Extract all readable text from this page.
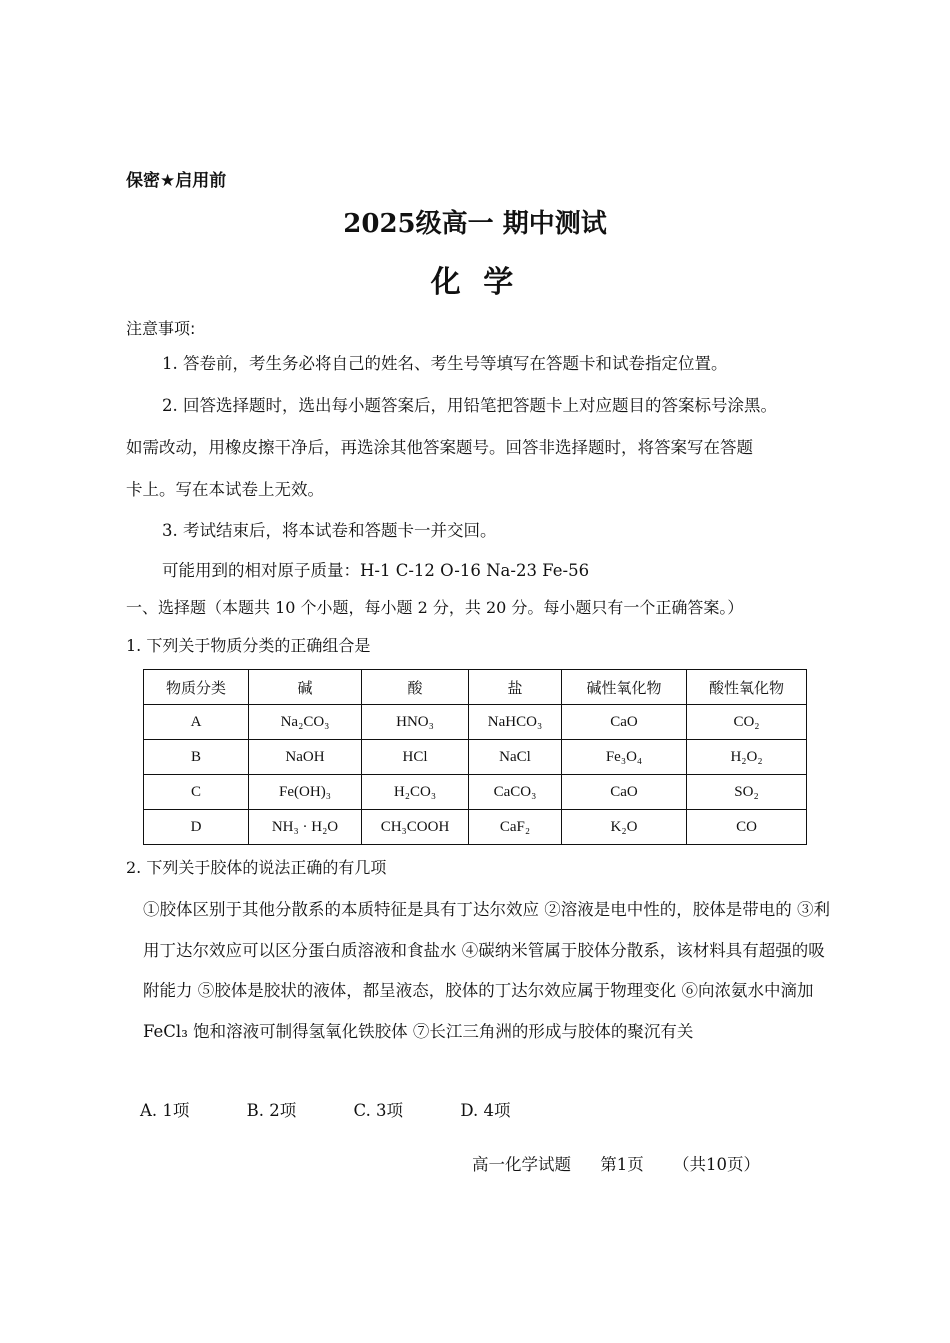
保密★启用前
2025级高一 期中测试
化 学
注意事项:
1. 答卷前，考生务必将自己的姓名、考生号等填写在答题卡和试卷指定位置。
2. 回答选择题时，选出每小题答案后，用铅笔把答题卡上对应题目的答案标号涂黑。
如需改动，用橡皮擦干净后，再选涂其他答案题号。回答非选择题时，将答案写在答题
卡上。写在本试卷上无效。
3. 考试结束后，将本试卷和答题卡一并交回。
可能用到的相对原子质量：H-1 C-12 O-16 Na-23 Fe-56
一、选择题（本题共 10 个小题，每小题 2 分，共 20 分。每小题只有一个正确答案。）
1. 下列关于物质分类的正确组合是
物质分类	碱	酸	盐	碱性氧化物	酸性氧化物
A	Na₂CO₃	HNO₃	NaHCO₃	CaO	CO₂
B	NaOH	HCl	NaCl	Fe₃O₄	H₂O₂
C	Fe(OH)₃	H₂CO₃	CaCO₃	CaO	SO₂
D	NH₃ · H₂O	CH₃COOH	CaF₂	K₂O	CO
2. 下列关于胶体的说法正确的有几项
①胶体区别于其他分散系的本质特征是具有丁达尔效应 ②溶液是电中性的，胶体是带电的 ③利用丁达尔效应可以区分蛋白质溶液和食盐水 ④碳纳米管属于胶体分散系，该材料具有超强的吸附能力 ⑤胶体是胶状的液体，都呈液态，胶体的丁达尔效应属于物理变化 ⑥向浓氨水中滴加 FeCl₃ 饱和溶液可制得氢氧化铁胶体 ⑦长江三角洲的形成与胶体的聚沉有关
A. 1项	B. 2项	C. 3项	D. 4项
高一化学试题 第1页 （共10页）
